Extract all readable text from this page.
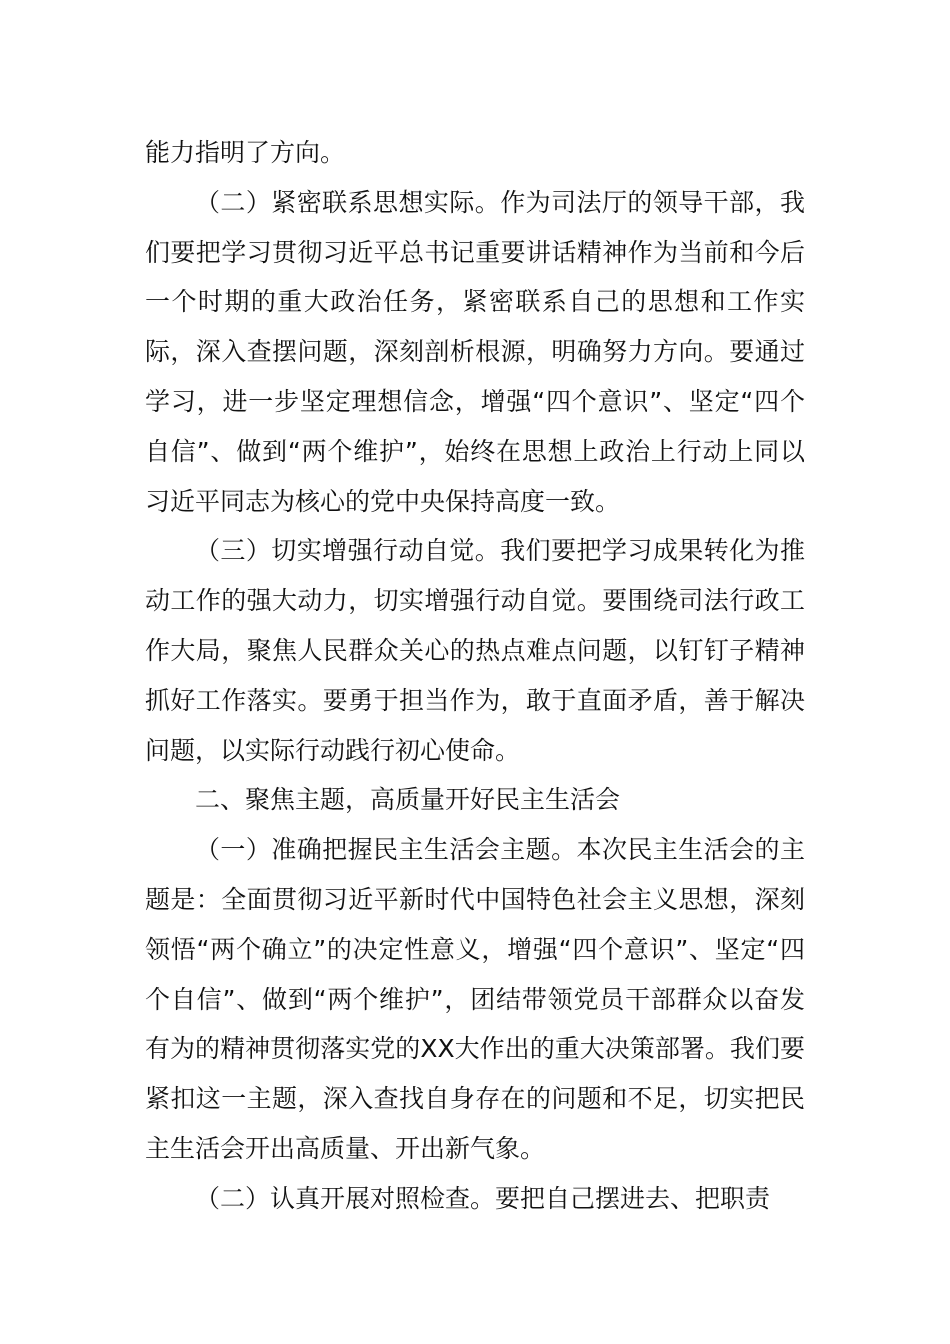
能力指明了方向。

（二）紧密联系思想实际。作为司法厅的领导干部，我们要把学习贯彻习近平总书记重要讲话精神作为当前和今后一个时期的重大政治任务，紧密联系自己的思想和工作实际，深入查摆问题，深刻剖析根源，明确努力方向。要通过学习，进一步坚定理想信念，增强“四个意识”、坚定“四个自信”、做到“两个维护”，始终在思想上政治上行动上同以习近平同志为核心的党中央保持高度一致。

（三）切实增强行动自觉。我们要把学习成果转化为推动工作的强大动力，切实增强行动自觉。要围绕司法行政工作大局，聚焦人民群众关心的热点难点问题，以钉钉子精神抓好工作落实。要勇于担当作为，敢于直面矛盾，善于解决问题，以实际行动践行初心使命。

二、聚焦主题，高质量开好民主生活会

（一）准确把握民主生活会主题。本次民主生活会的主题是：全面贯彻习近平新时代中国特色社会主义思想，深刻领悟“两个确立”的决定性意义，增强“四个意识”、坚定“四个自信”、做到“两个维护”，团结带领党员干部群众以奋发有为的精神贯彻落实党的XX大作出的重大决策部署。我们要紧扣这一主题，深入查找自身存在的问题和不足，切实把民主生活会开出高质量、开出新气象。

（二）认真开展对照检查。要把自己摆进去、把职责
